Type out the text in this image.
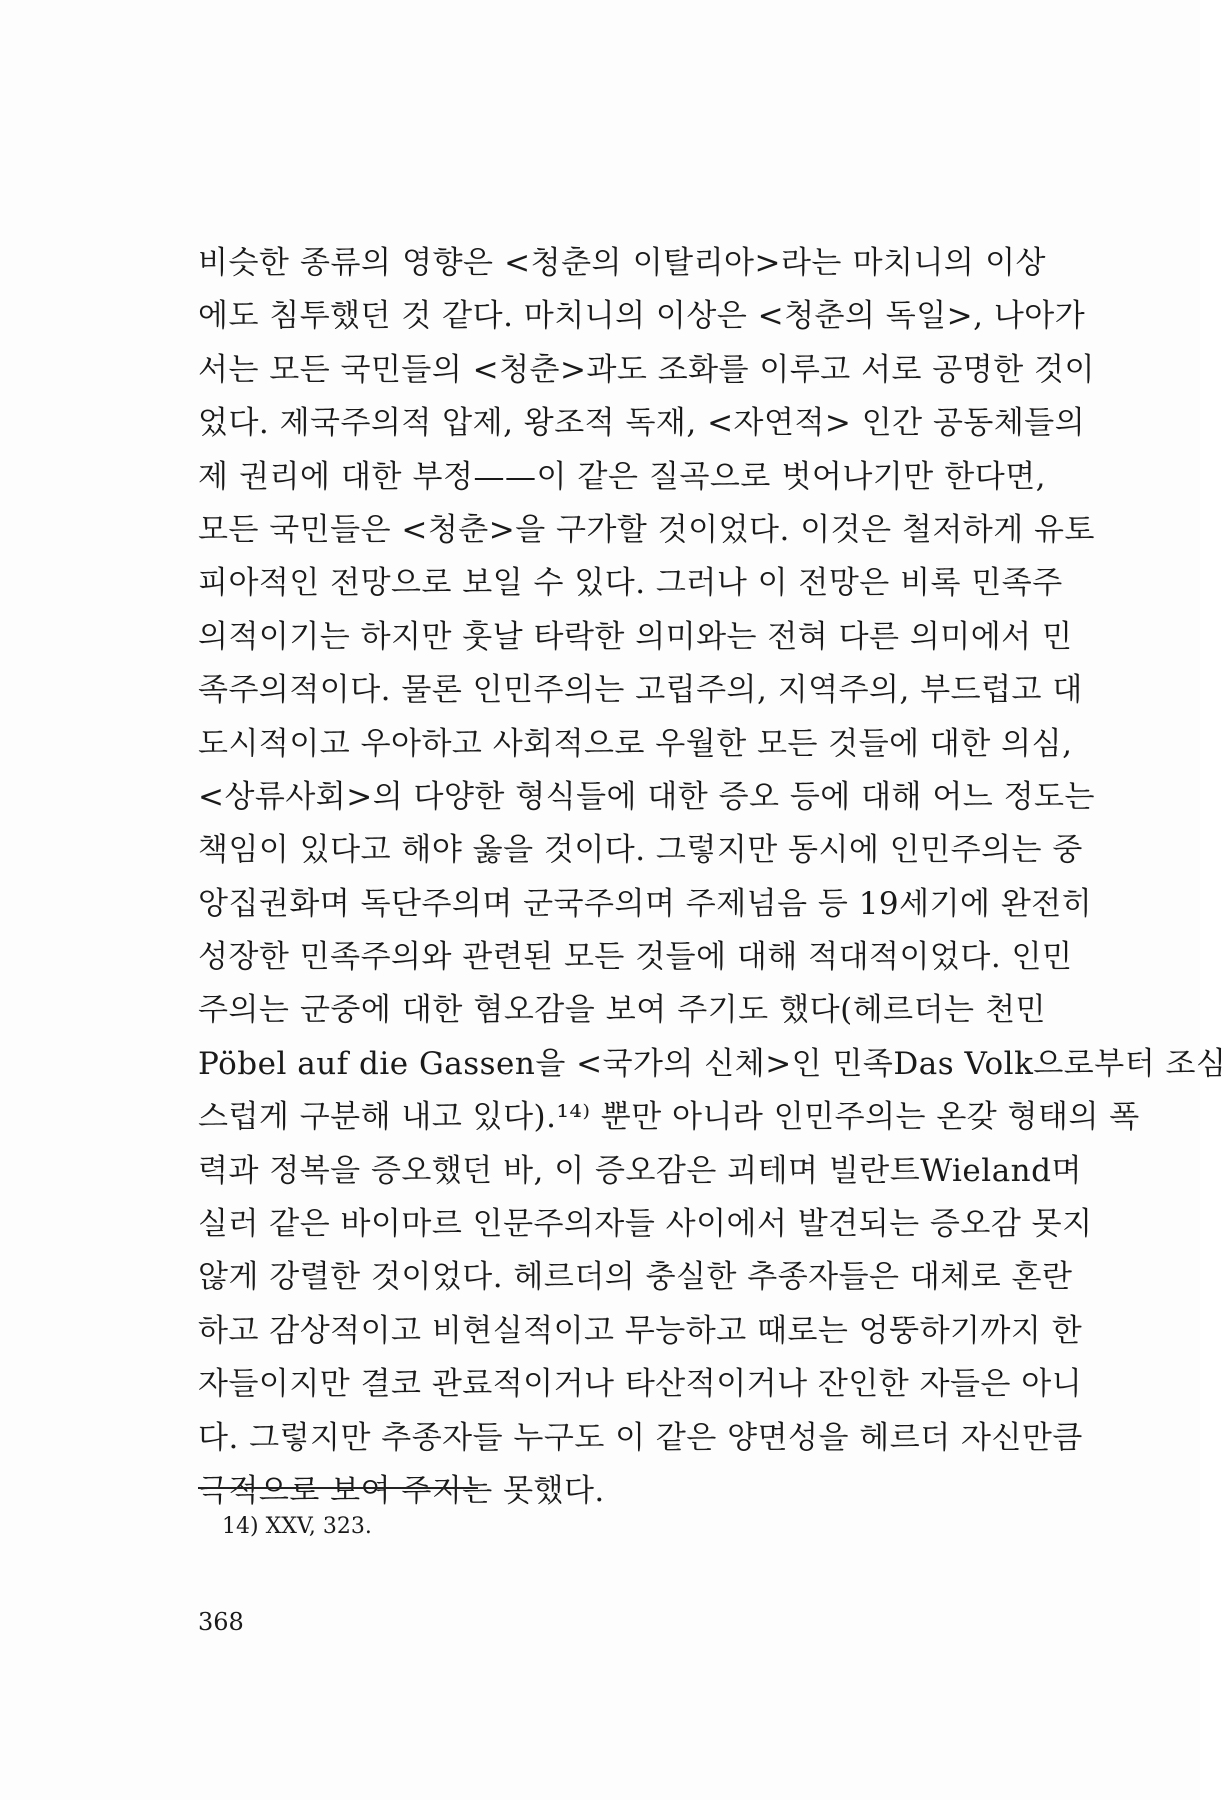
비슷한 종류의 영향은 <청춘의 이탈리아>라는 마치니의 이상
에도 침투했던 것 같다. 마치니의 이상은 <청춘의 독일>, 나아가
서는 모든 국민들의 <청춘>과도 조화를 이루고 서로 공명한 것이
었다. 제국주의적 압제, 왕조적 독재, <자연적> 인간 공동체들의
제 권리에 대한 부정——이 같은 질곡으로 벗어나기만 한다면,
모든 국민들은 <청춘>을 구가할 것이었다. 이것은 철저하게 유토
피아적인 전망으로 보일 수 있다. 그러나 이 전망은 비록 민족주
의적이기는 하지만 훗날 타락한 의미와는 전혀 다른 의미에서 민
족주의적이다. 물론 인민주의는 고립주의, 지역주의, 부드럽고 대
도시적이고 우아하고 사회적으로 우월한 모든 것들에 대한 의심,
<상류사회>의 다양한 형식들에 대한 증오 등에 대해 어느 정도는
책임이 있다고 해야 옳을 것이다. 그렇지만 동시에 인민주의는 중
앙집권화며 독단주의며 군국주의며 주제넘음 등 19세기에 완전히
성장한 민족주의와 관련된 모든 것들에 대해 적대적이었다. 인민
주의는 군중에 대한 혐오감을 보여 주기도 했다(헤르더는 천민
Pöbel auf die Gassen을 <국가의 신체>인 민족Das Volk으로부터 조심
스럽게 구분해 내고 있다).¹⁴⁾ 뿐만 아니라 인민주의는 온갖 형태의 폭
력과 정복을 증오했던 바, 이 증오감은 괴테며 빌란트Wieland며
실러 같은 바이마르 인문주의자들 사이에서 발견되는 증오감 못지
않게 강렬한 것이었다. 헤르더의 충실한 추종자들은 대체로 혼란
하고 감상적이고 비현실적이고 무능하고 때로는 엉뚱하기까지 한
자들이지만 결코 관료적이거나 타산적이거나 잔인한 자들은 아니
다. 그렇지만 추종자들 누구도 이 같은 양면성을 헤르더 자신만큼
극적으로 보여 주지는 못했다.
14) XXV, 323.
368
